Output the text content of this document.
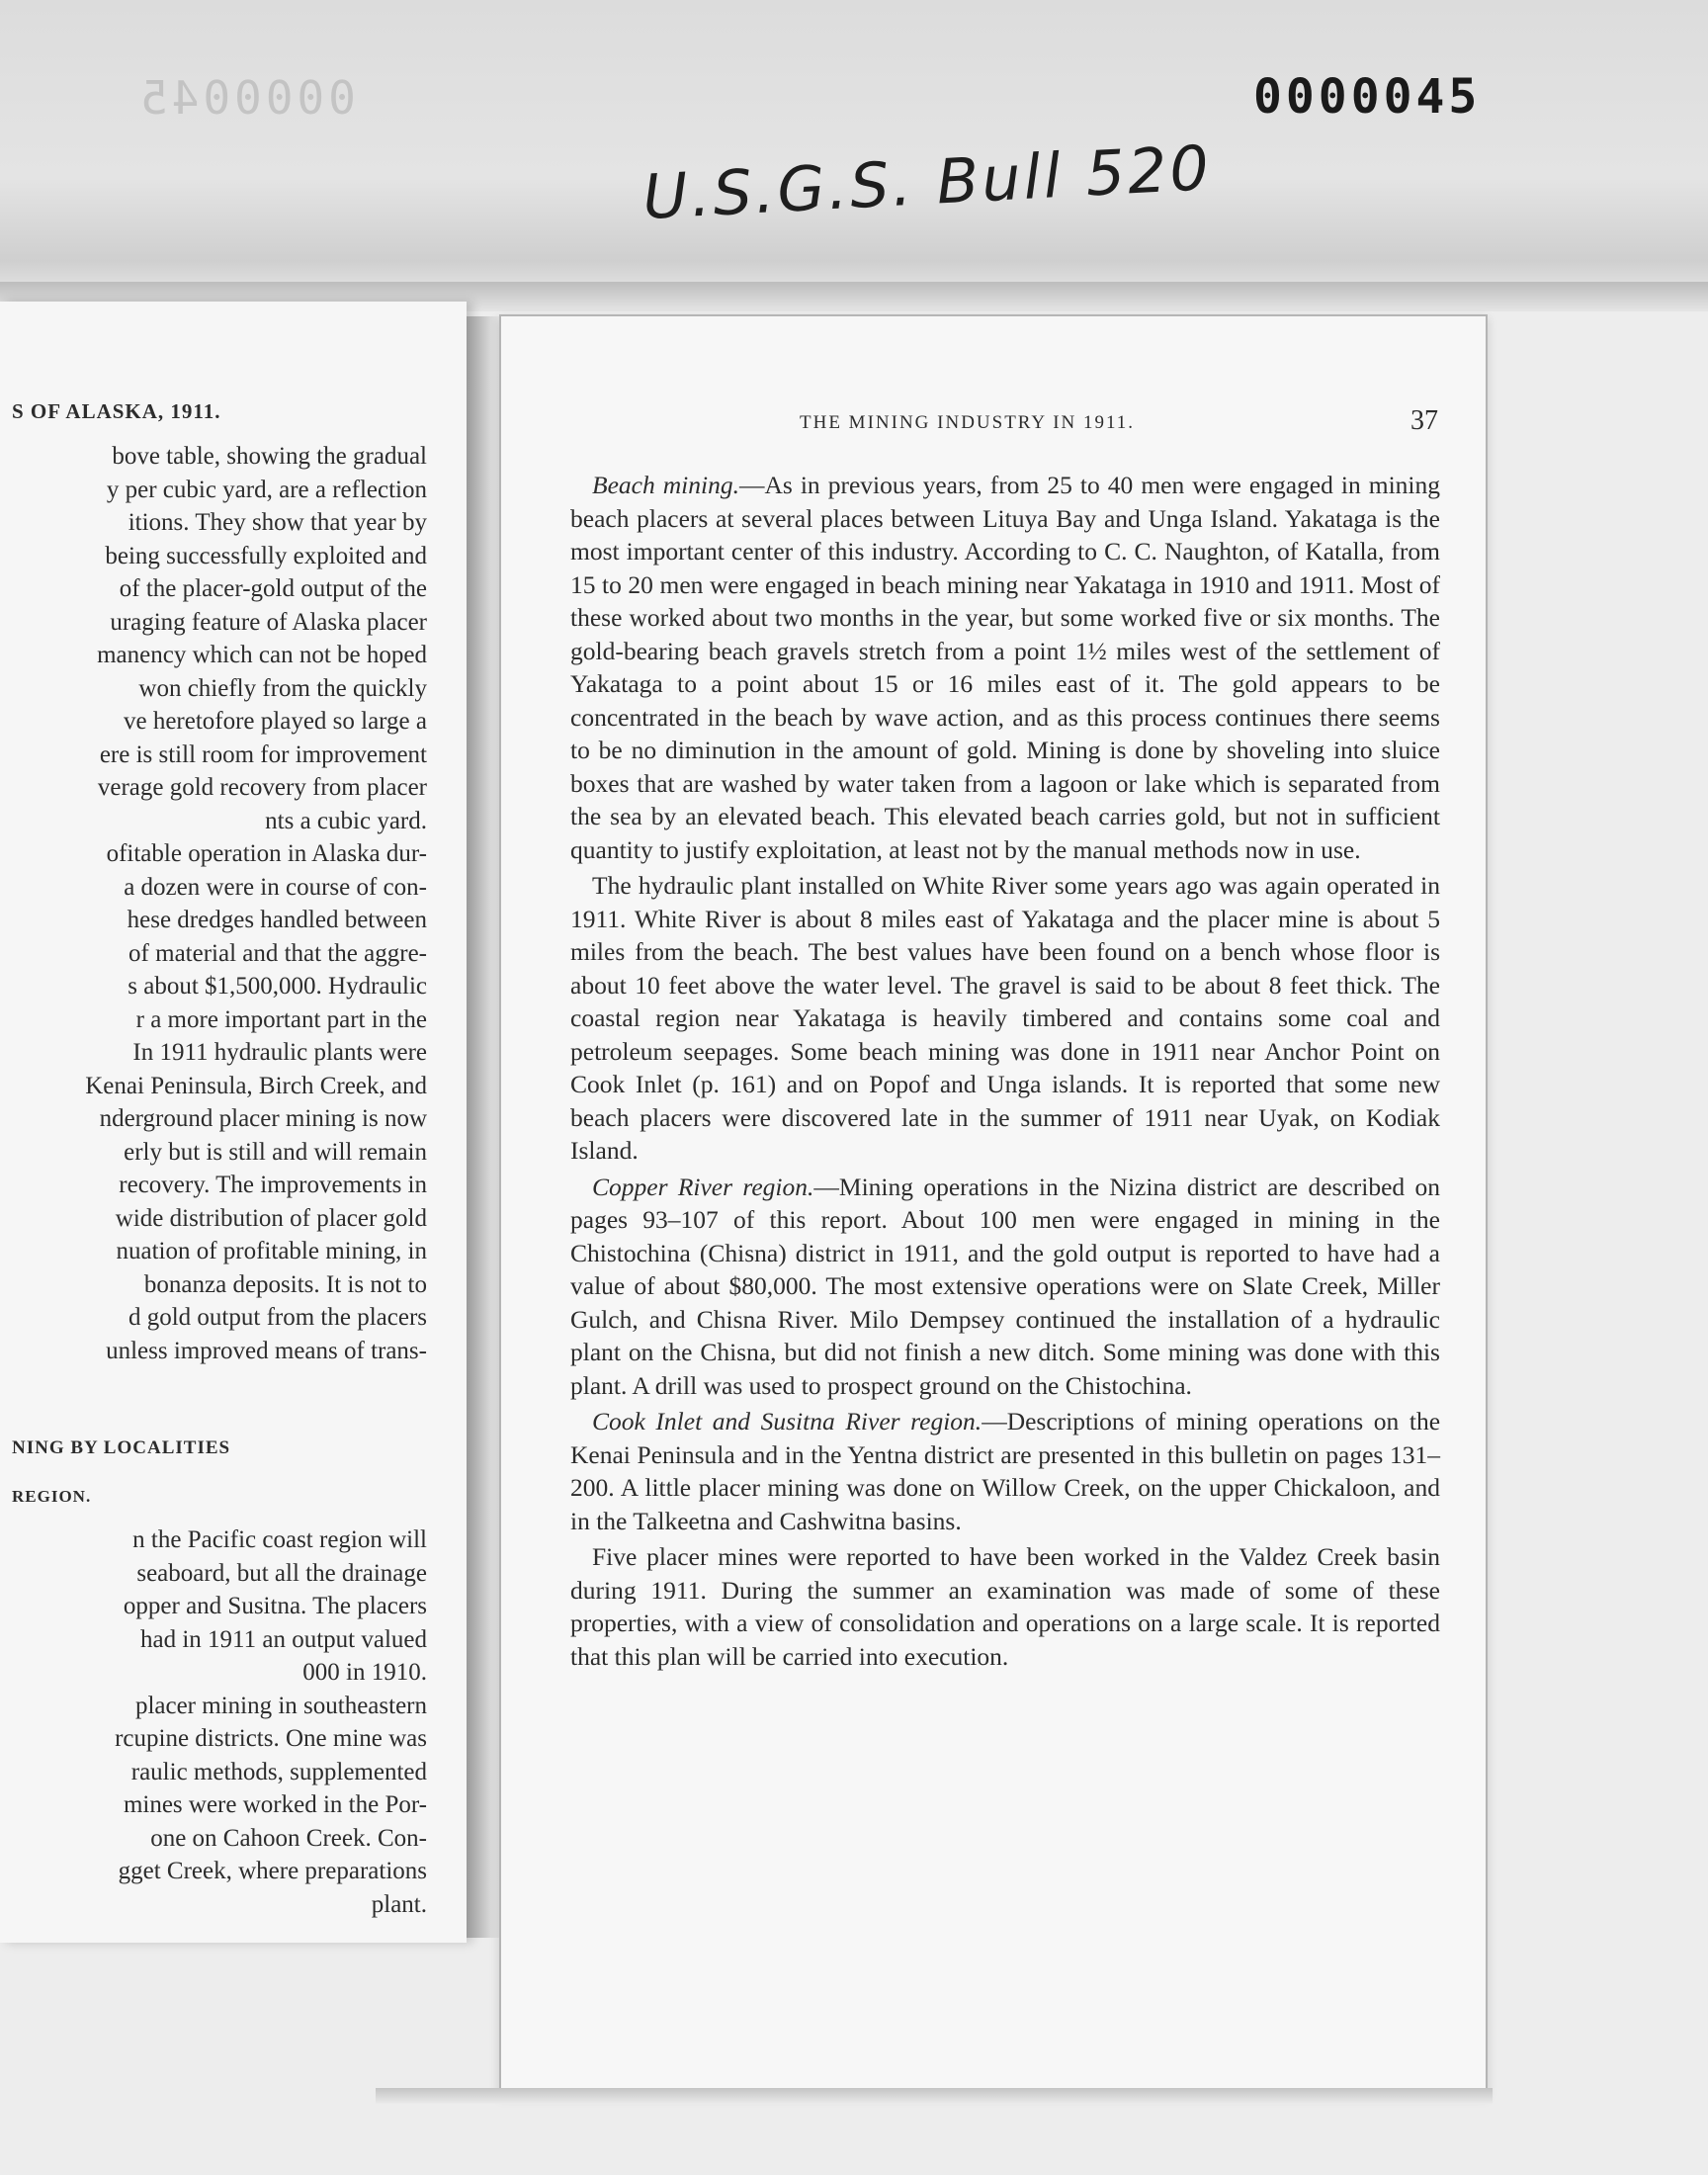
0000045	0000045
U.S.G.S. Bull 520
S OF ALASKA, 1911.
bove table, showing the gradual
y per cubic yard, are a reflection
itions. They show that year by
being successfully exploited and
of the placer-gold output of the
uraging feature of Alaska placer
manency which can not be hoped
won chiefly from the quickly
ve heretofore played so large a
ere is still room for improvement
verage gold recovery from placer
nts a cubic yard.
ofitable operation in Alaska dur-
a dozen were in course of con-
hese dredges handled between
of material and that the aggre-
s about $1,500,000. Hydraulic
r a more important part in the
In 1911 hydraulic plants were
Kenai Peninsula, Birch Creek, and
nderground placer mining is now
erly but is still and will remain
recovery. The improvements in
wide distribution of placer gold
nuation of profitable mining, in
bonanza deposits. It is not to
d gold output from the placers
unless improved means of trans-
NING BY LOCALITIES
REGION.
n the Pacific coast region will
seaboard, but all the drainage
opper and Susitna. The placers
had in 1911 an output valued
000 in 1910.
placer mining in southeastern
rcupine districts. One mine was
raulic methods, supplemented
mines were worked in the Por-
one on Cahoon Creek. Con-
gget Creek, where preparations
plant.
THE MINING INDUSTRY IN 1911.	37

Beach mining.—As in previous years, from 25 to 40 men were engaged in mining beach placers at several places between Lituya Bay and Unga Island. Yakataga is the most important center of this industry. According to C. C. Naughton, of Katalla, from 15 to 20 men were engaged in beach mining near Yakataga in 1910 and 1911. Most of these worked about two months in the year, but some worked five or six months. The gold-bearing beach gravels stretch from a point 1½ miles west of the settlement of Yakataga to a point about 15 or 16 miles east of it. The gold appears to be concentrated in the beach by wave action, and as this process continues there seems to be no diminution in the amount of gold. Mining is done by shoveling into sluice boxes that are washed by water taken from a lagoon or lake which is separated from the sea by an elevated beach. This elevated beach carries gold, but not in sufficient quantity to justify exploitation, at least not by the manual methods now in use.

The hydraulic plant installed on White River some years ago was again operated in 1911. White River is about 8 miles east of Yakataga and the placer mine is about 5 miles from the beach. The best values have been found on a bench whose floor is about 10 feet above the water level. The gravel is said to be about 8 feet thick. The coastal region near Yakataga is heavily timbered and contains some coal and petroleum seepages. Some beach mining was done in 1911 near Anchor Point on Cook Inlet (p. 161) and on Popof and Unga islands. It is reported that some new beach placers were discovered late in the summer of 1911 near Uyak, on Kodiak Island.

Copper River region.—Mining operations in the Nizina district are described on pages 93–107 of this report. About 100 men were engaged in mining in the Chistochina (Chisna) district in 1911, and the gold output is reported to have had a value of about $80,000. The most extensive operations were on Slate Creek, Miller Gulch, and Chisna River. Milo Dempsey continued the installation of a hydraulic plant on the Chisna, but did not finish a new ditch. Some mining was done with this plant. A drill was used to prospect ground on the Chistochina.

Cook Inlet and Susitna River region.—Descriptions of mining operations on the Kenai Peninsula and in the Yentna district are presented in this bulletin on pages 131–200. A little placer mining was done on Willow Creek, on the upper Chickaloon, and in the Talkeetna and Cashwitna basins.

Five placer mines were reported to have been worked in the Valdez Creek basin during 1911. During the summer an examination was made of some of these properties, with a view of consolidation and operations on a large scale. It is reported that this plan will be carried into execution.
